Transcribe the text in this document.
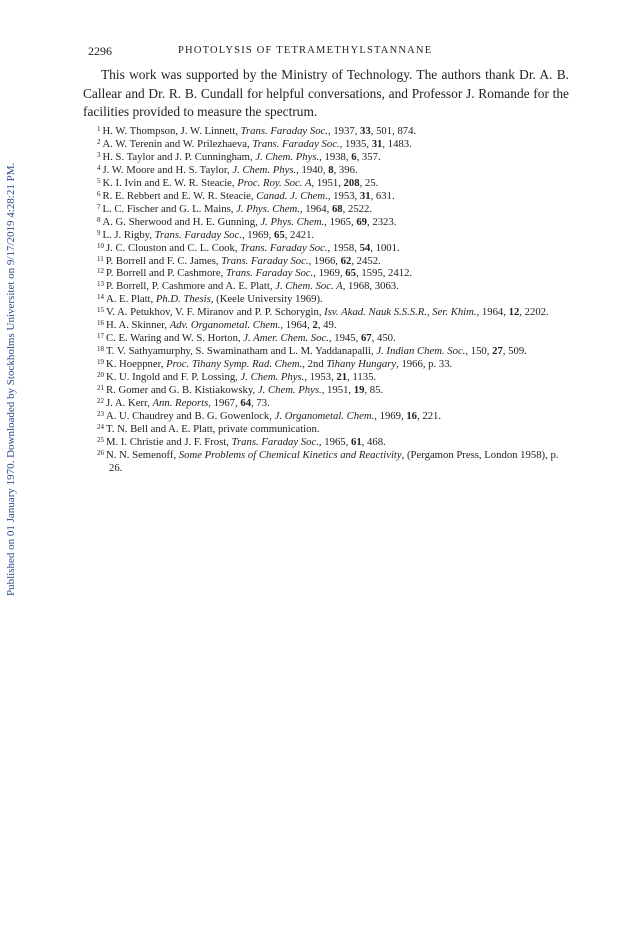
2296	PHOTOLYSIS OF TETRAMETHYLSTANNANE

This work was supported by the Ministry of Technology. The authors thank Dr. A. B. Callear and Dr. R. B. Cundall for helpful conversations, and Professor J. Romande for the facilities provided to measure the spectrum.

$^1$ H. W. Thompson, J. W. Linnett, Trans. Faraday Soc., 1937, 33, 501, 874.
$^2$ A. W. Terenin and W. Prilezhaeva, Trans. Faraday Soc., 1935, 31, 1483.
$^3$ H. S. Taylor and J. P. Cunningham, J. Chem. Phys., 1938, 6, 357.
$^4$ J. W. Moore and H. S. Taylor, J. Chem. Phys., 1940, 8, 396.
$^5$ K. I. Ivin and E. W. R. Steacie, Proc. Roy. Soc. A, 1951, 208, 25.
$^6$ R. E. Rebbert and E. W. R. Steacie, Canad. J. Chem., 1953, 31, 631.
$^7$ L. C. Fischer and G. L. Mains, J. Phys. Chem., 1964, 68, 2522.
$^8$ A. G. Sherwood and H. E. Gunning, J. Phys. Chem., 1965, 69, 2323.
$^9$ L. J. Rigby, Trans. Faraday Soc., 1969, 65, 2421.
$^{10}$ J. C. Clouston and C. L. Cook, Trans. Faraday Soc., 1958, 54, 1001.
$^{11}$ P. Borrell and F. C. James, Trans. Faraday Soc., 1966, 62, 2452.
$^{12}$ P. Borrell and P. Cashmore, Trans. Faraday Soc., 1969, 65, 1595, 2412.
$^{13}$ P. Borrell, P. Cashmore and A. E. Platt, J. Chem. Soc. A, 1968, 3063.
$^{14}$ A. E. Platt, Ph.D. Thesis, (Keele University 1969).
$^{15}$ V. A. Petukhov, V. F. Miranov and P. P. Schorygin, Isv. Akad. Nauk S.S.S.R., Ser. Khim., 1964, 12, 2202.
$^{16}$ H. A. Skinner, Adv. Organometal. Chem., 1964, 2, 49.
$^{17}$ C. E. Waring and W. S. Horton, J. Amer. Chem. Soc., 1945, 67, 450.
$^{18}$ T. V. Sathyamurphy, S. Swaminatham and L. M. Yaddanapalli, J. Indian Chem. Soc., 150, 27, 509.
$^{19}$ K. Hoeppner, Proc. Tihany Symp. Rad. Chem., 2nd Tihany Hungary, 1966, p. 33.
$^{20}$ K. U. Ingold and F. P. Lossing, J. Chem. Phys., 1953, 21, 1135.
$^{21}$ R. Gomer and G. B. Kistiakowsky, J. Chem. Phys., 1951, 19, 85.
$^{22}$ J. A. Kerr, Ann. Reports, 1967, 64, 73.
$^{23}$ A. U. Chaudrey and B. G. Gowenlock, J. Organometal. Chem., 1969, 16, 221.
$^{24}$ T. N. Bell and A. E. Platt, private communication.
$^{25}$ M. I. Christie and J. F. Frost, Trans. Faraday Soc., 1965, 61, 468.
$^{26}$ N. N. Semenoff, Some Problems of Chemical Kinetics and Reactivity, (Pergamon Press, London 1958), p. 26.
Published on 01 January 1970. Downloaded by Stockholms Universitet on 9/17/2019 4:28:21 PM.
